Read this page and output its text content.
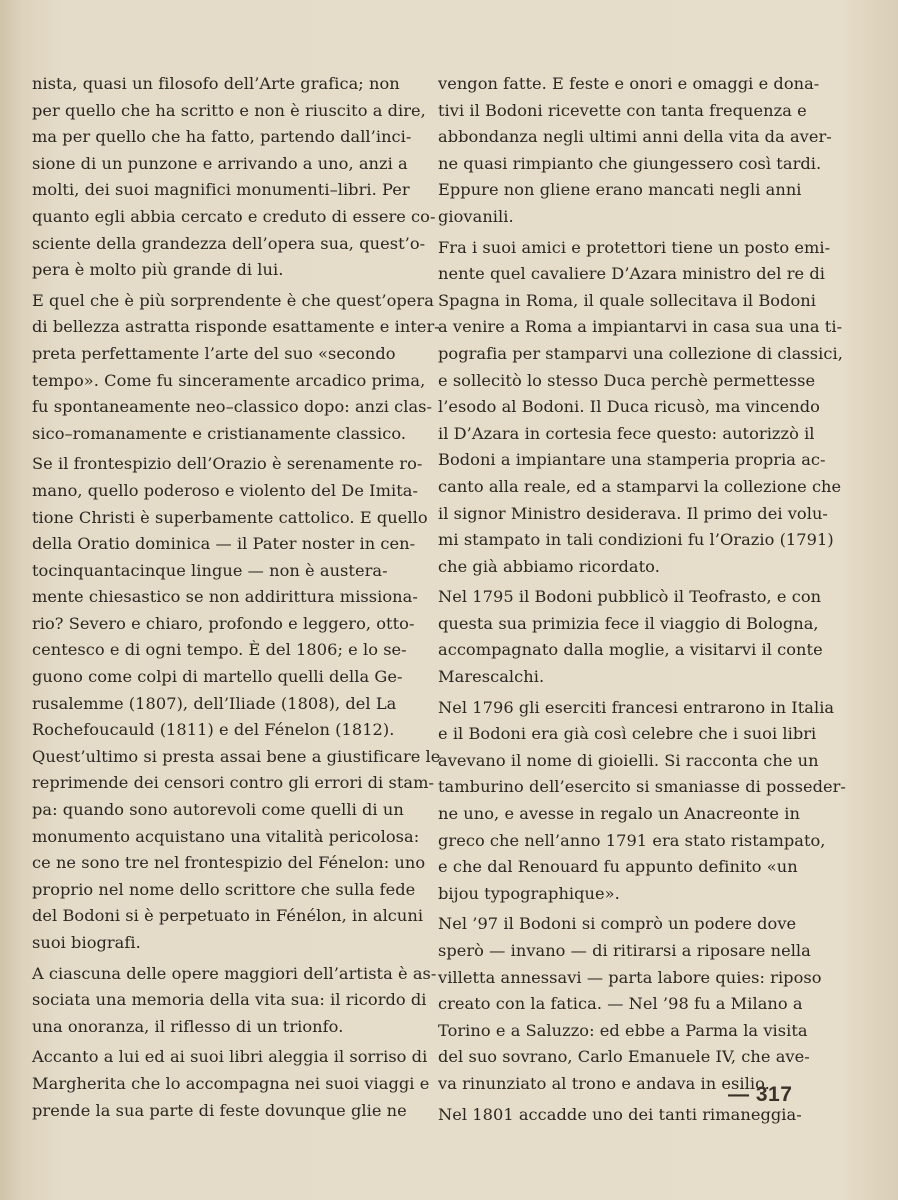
nista, quasi un filosofo dell’Arte grafica; non
per quello che ha scritto e non è riuscito a dire,
ma per quello che ha fatto, partendo dall’inci-
sione di un punzone e arrivando a uno, anzi a
molti, dei suoi magnifici monumenti–libri. Per
quanto egli abbia cercato e creduto di essere co-
sciente della grandezza dell’opera sua, quest’o-
pera è molto più grande di lui.
E quel che è più sorprendente è che quest’opera
di bellezza astratta risponde esattamente e inter-
preta perfettamente l’arte del suo «secondo
tempo». Come fu sinceramente arcadico prima,
fu spontaneamente neo–classico dopo: anzi clas-
sico–romanamente e cristianamente classico.
Se il frontespizio dell’Orazio è serenamente ro-
mano, quello poderoso e violento del De Imita-
tione Christi è superbamente cattolico. E quello
della Oratio dominica — il Pater noster in cen-
tocinquantacinque lingue — non è austera-
mente chiesastico se non addirittura missiona-
rio? Severo e chiaro, profondo e leggero, otto-
centesco e di ogni tempo. È del 1806; e lo se-
guono come colpi di martello quelli della Ge-
rusalemme (1807), dell’Iliade (1808), del La
Rochefoucauld (1811) e del Fénelon (1812).
Quest’ultimo si presta assai bene a giustificare le
reprimende dei censori contro gli errori di stam-
pa: quando sono autorevoli come quelli di un
monumento acquistano una vitalità pericolosa:
ce ne sono tre nel frontespizio del Fénelon: uno
proprio nel nome dello scrittore che sulla fede
del Bodoni si è perpetuato in Fénélon, in alcuni
suoi biografi.
A ciascuna delle opere maggiori dell’artista è as-
sociata una memoria della vita sua: il ricordo di
una onoranza, il riflesso di un trionfo.
Accanto a lui ed ai suoi libri aleggia il sorriso di
Margherita che lo accompagna nei suoi viaggi e
prende la sua parte di feste dovunque glie ne
vengon fatte. E feste e onori e omaggi e dona-
tivi il Bodoni ricevette con tanta frequenza e
abbondanza negli ultimi anni della vita da aver-
ne quasi rimpianto che giungessero così tardi.
Eppure non gliene erano mancati negli anni
giovanili.
Fra i suoi amici e protettori tiene un posto emi-
nente quel cavaliere D’Azara ministro del re di
Spagna in Roma, il quale sollecitava il Bodoni
a venire a Roma a impiantarvi in casa sua una ti-
pografia per stamparvi una collezione di classici,
e sollecitò lo stesso Duca perchè permettesse
l’esodo al Bodoni. Il Duca ricusò, ma vincendo
il D’Azara in cortesia fece questo: autorizzò il
Bodoni a impiantare una stamperia propria ac-
canto alla reale, ed a stamparvi la collezione che
il signor Ministro desiderava. Il primo dei volu-
mi stampato in tali condizioni fu l’Orazio (1791)
che già abbiamo ricordato.
Nel 1795 il Bodoni pubblicò il Teofrasto, e con
questa sua primizia fece il viaggio di Bologna,
accompagnato dalla moglie, a visitarvi il conte
Marescalchi.
Nel 1796 gli eserciti francesi entrarono in Italia
e il Bodoni era già così celebre che i suoi libri
avevano il nome di gioielli. Si racconta che un
tamburino dell’esercito si smaniasse di posseder-
ne uno, e avesse in regalo un Anacreonte in
greco che nell’anno 1791 era stato ristampato,
e che dal Renouard fu appunto definito «un
bijou typographique».
Nel ’97 il Bodoni si comprò un podere dove
sperò — invano — di ritirarsi a riposare nella
villetta annessavi — parta labore quies: riposo
creato con la fatica. — Nel ’98 fu a Milano a
Torino e a Saluzzo: ed ebbe a Parma la visita
del suo sovrano, Carlo Emanuele IV, che ave-
va rinunziato al trono e andava in esilio.
Nel 1801 accadde uno dei tanti rimaneggia-
— 317
